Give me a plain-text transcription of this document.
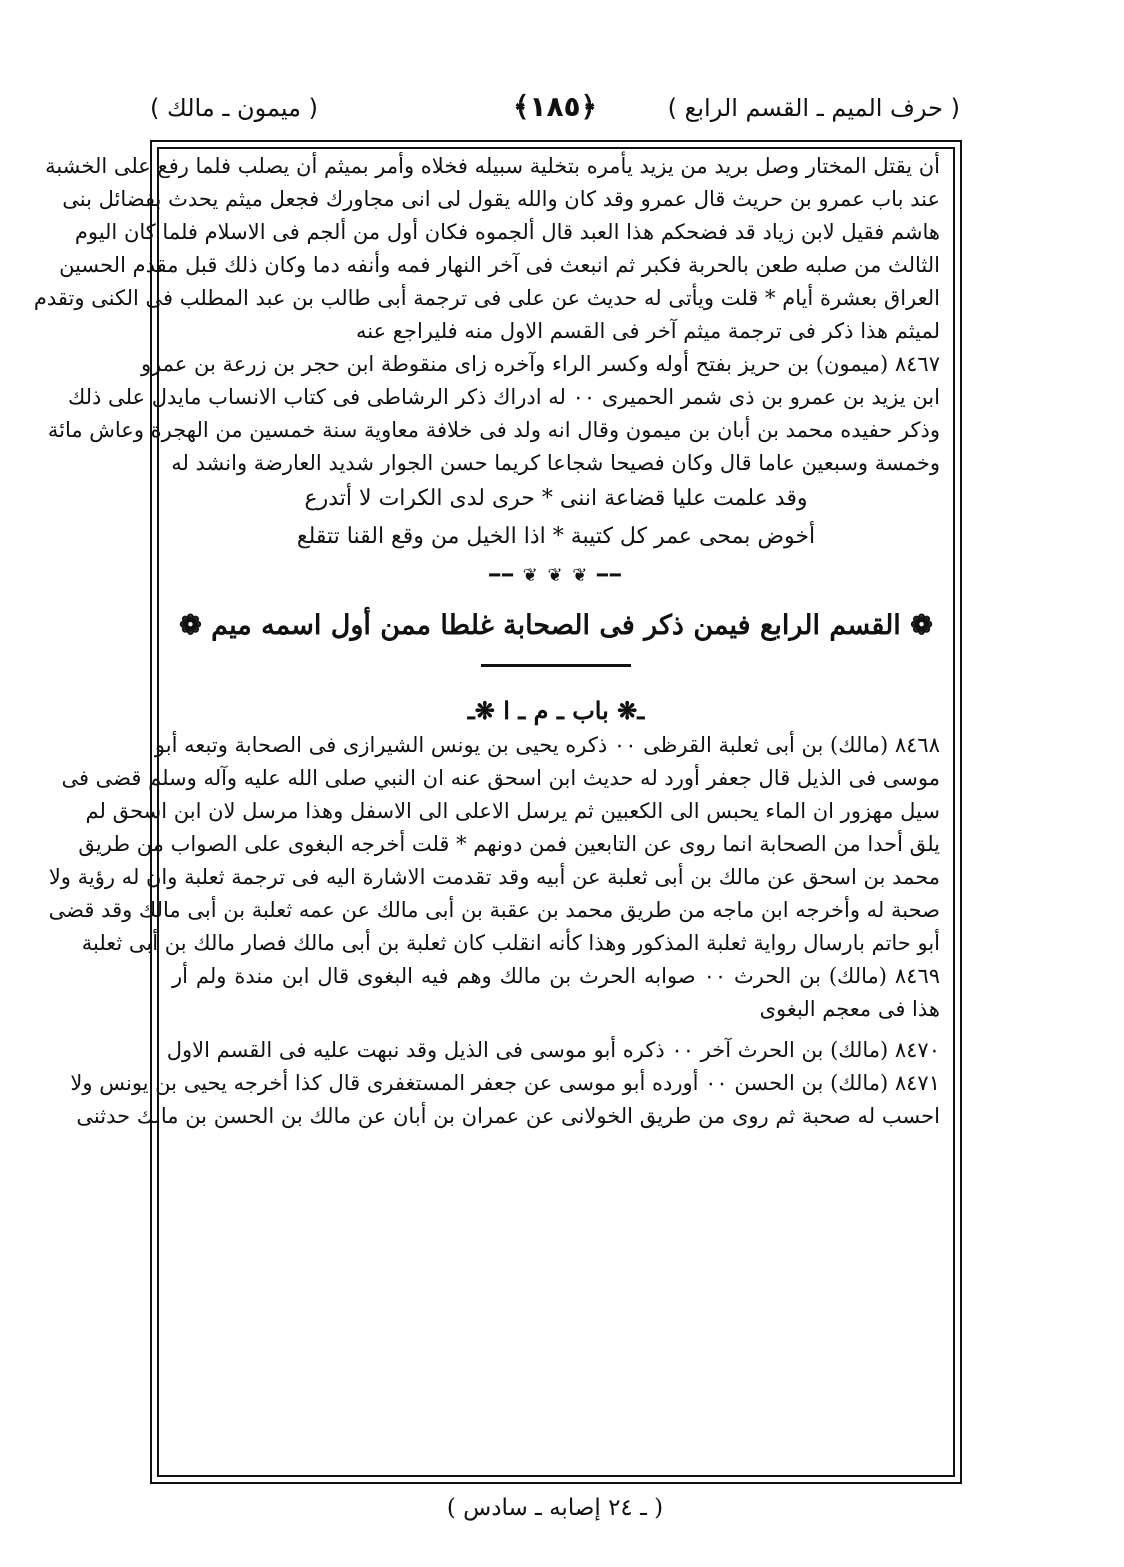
( حرف الميم ـ القسم الرابع )
﴿١٨٥﴾
( ميمون ـ مالك )
أن يقتل المختار وصل بريد من يزيد يأمره بتخلية سبيله فخلاه وأمر بميثم أن يصلب فلما رفع على الخشبة
عند باب عمرو بن حريث قال عمرو وقد كان والله يقول لى انى مجاورك فجعل ميثم يحدث بفضائل بنى
هاشم فقيل لابن زياد قد فضحكم هذا العبد قال ألجموه فكان أول من ألجم فى الاسلام فلما كان اليوم
الثالث من صلبه طعن بالحربة فكبر ثم انبعث فى آخر النهار فمه وأنفه دما وكان ذلك قبل مقدم الحسين
العراق بعشرة أيام * قلت ويأتى له حديث عن على فى ترجمة أبى طالب بن عبد المطلب فى الكنى وتقدم
لميثم هذا ذكر فى ترجمة ميثم آخر فى القسم الاول منه فليراجع عنه
٨٤٦٧ (ميمون) بن حريز بفتح أوله وكسر الراء وآخره زاى منقوطة ابن حجر بن زرعة بن عمرو
ابن يزيد بن عمرو بن ذى شمر الحميرى ٠٠ له ادراك ذكر الرشاطى فى كتاب الانساب مايدل على ذلك
وذكر حفيده محمد بن أبان بن ميمون وقال انه ولد فى خلافة معاوية سنة خمسين من الهجرة وعاش مائة
وخمسة وسبعين عاما قال وكان فصيحا شجاعا كريما حسن الجوار شديد العارضة وانشد له
وقد علمت عليا قضاعة اننى * حرى لدى الكرات لا أتدرع
أخوض بمحى عمر كل كتيبة * اذا الخيل من وقع القنا تتقلع
━━ ❦ ❦ ❦ ━━
❁ القسم الرابع فيمن ذكر فى الصحابة غلطا ممن أول اسمه ميم ❁
ـ❋ باب ـ م ـ ا ❋ـ
٨٤٦٨ (مالك) بن أبى ثعلبة القرظى ٠٠ ذكره يحيى بن يونس الشيرازى فى الصحابة وتبعه أبو
موسى فى الذيل قال جعفر أورد له حديث ابن اسحق عنه ان النبي صلى الله عليه وآله وسلم قضى فى
سيل مهزور ان الماء يحبس الى الكعبين ثم يرسل الاعلى الى الاسفل وهذا مرسل لان ابن اسحق لم
يلق أحدا من الصحابة انما روى عن التابعين فمن دونهم * قلت أخرجه البغوى على الصواب من طريق
محمد بن اسحق عن مالك بن أبى ثعلبة عن أبيه وقد تقدمت الاشارة اليه فى ترجمة ثعلبة وان له رؤية ولا
صحبة له وأخرجه ابن ماجه من طريق محمد بن عقبة بن أبى مالك عن عمه ثعلبة بن أبى مالك وقد قضى
أبو حاتم بارسال رواية ثعلبة المذكور وهذا كأنه انقلب كان ثعلبة بن أبى مالك فصار مالك بن أبى ثعلبة
٨٤٦٩ (مالك) بن الحرث ٠٠ صوابه الحرث بن مالك وهم فيه البغوى قال ابن مندة ولم أر
هذا فى معجم البغوى
٨٤٧٠ (مالك) بن الحرث آخر ٠٠ ذكره أبو موسى فى الذيل وقد نبهت عليه فى القسم الاول
٨٤٧١ (مالك) بن الحسن ٠٠ أورده أبو موسى عن جعفر المستغفرى قال كذا أخرجه يحيى بن يونس ولا
احسب له صحبة ثم روى من طريق الخولانى عن عمران بن أبان عن مالك بن الحسن بن مالك حدثنى
( ـ ٢٤ إصابه ـ سادس )
